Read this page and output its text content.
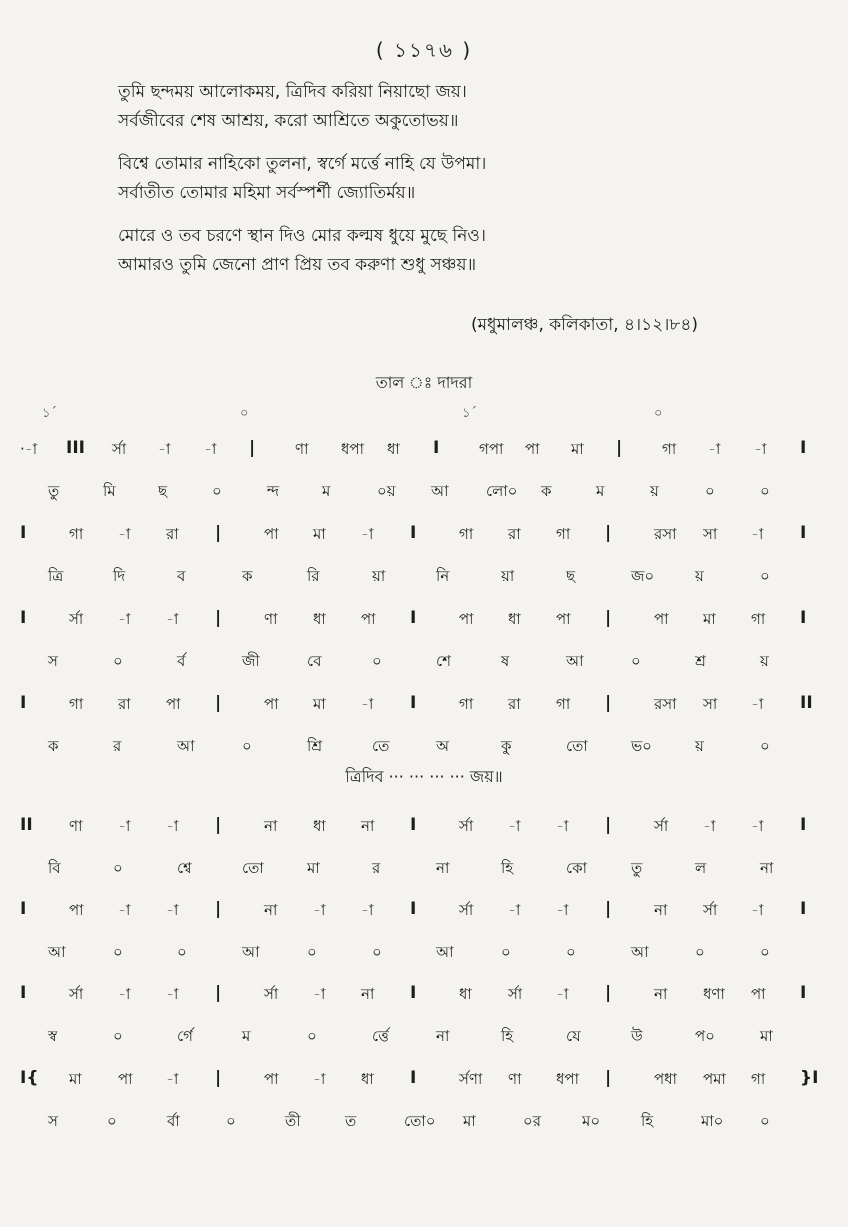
( ১১৭৬ )
তুমি ছন্দময় আলোকময়, ত্রিদিব করিয়া নিয়াছো জয়।
সর্বজীবের শেষ আশ্রয়, করো আশ্রিতে অকুতোভয়॥
বিশ্বে তোমার নাহিকো তুলনা, স্বর্গে মর্ত্তে নাহি যে উপমা।
সর্বাতীত তোমার মহিমা সর্বস্পর্শী জ্যোতির্ময়॥
মোরে ও তব চরণে স্থান দিও মোর কল্মষ ধুয়ে মুছে নিও।
আমারও তুমি জেনো প্রাণ প্রিয় তব করুণা শুধু সঞ্চয়॥
(মধুমালঞ্চ, কলিকাতা, ৪।১২।৮৪)
তাল ঃ দাদরা
১´	০	১´	০
ত্রিদিব ··· ··· ··· ··· জয়॥
·-া III র্সা -া -া |	ণা ধপা ধা I	গপা পা মা |	গা -া -া I
তু	মি	ছ	০	ন্দ	ম	০য় আ	লো০ ক	ম	য়	০	০
I	গা -া রা |	পা মা -া I	গা রা গা |	রসা সা -া I
ত্রি	দি	ব	ক	রি	য়া	নি	য়া	ছ	জ০	য়	০
I	র্সা -া -া |	ণা ধা পা I	পা ধা পা |	পা মা গা I
স	০	র্ব	জী	বে	০	শে	ষ	আ	০	শ্র	য়
I	গা রা পা |	পা মা -া I	গা রা গা |	রসা সা -া II
ক	র	আ	০	শ্রি	তে	অ	কু	তো	ভ০	য়	০
II ণা -া -া |	না ধা না I	র্সা -া -া |	র্সা -া -া I
বি	০	শ্বে	তো	মা	র	না	হি	কো	তু	ল	না
I	পা -া -া |	না -া -া I	র্সা -া -া |	না র্সা -া I
আ	০	০	আ	০	০	আ	০	০	আ	০	০
I	র্সা -া -া |	র্সা -া না I	ধা র্সা -া |	না ধণা পা I
স্ব	০	র্গে	ম	০	র্ত্তে	না	হি	যে	উ	প০	মা
I{ মা পা -া |	পা -া ধা I	র্সণা ণা ধপা |	পধা পমা গা }I
স	০	র্বা	০	তী	ত	তো০ মা	০র	ম০	হি	মা০ ০
